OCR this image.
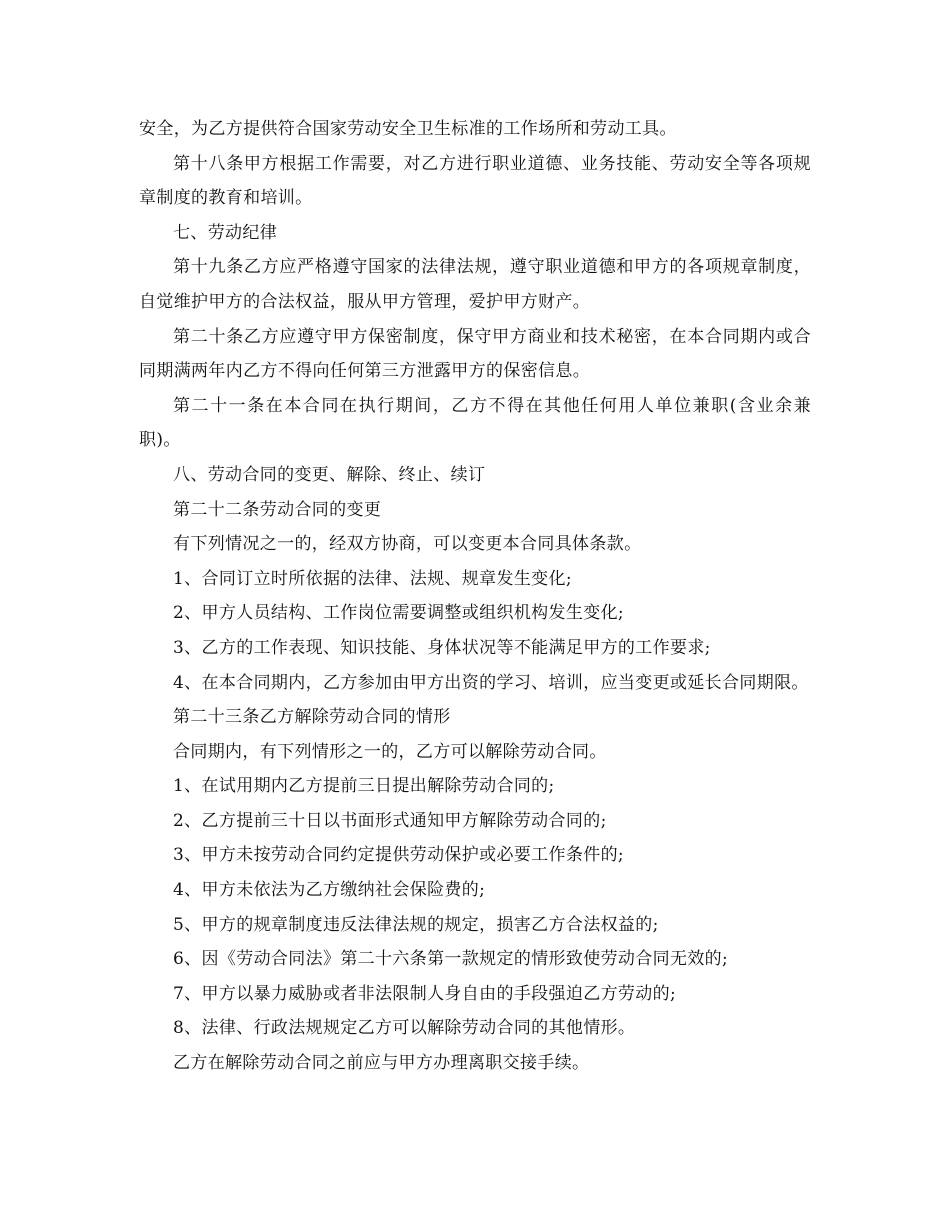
安全，为乙方提供符合国家劳动安全卫生标准的工作场所和劳动工具。

第十八条甲方根据工作需要，对乙方进行职业道德、业务技能、劳动安全等各项规章制度的教育和培训。

七、劳动纪律

第十九条乙方应严格遵守国家的法律法规，遵守职业道德和甲方的各项规章制度，自觉维护甲方的合法权益，服从甲方管理，爱护甲方财产。

第二十条乙方应遵守甲方保密制度，保守甲方商业和技术秘密，在本合同期内或合同期满两年内乙方不得向任何第三方泄露甲方的保密信息。

第二十一条在本合同在执行期间，乙方不得在其他任何用人单位兼职(含业余兼职)。

八、劳动合同的变更、解除、终止、续订

第二十二条劳动合同的变更

有下列情况之一的，经双方协商，可以变更本合同具体条款。

1、合同订立时所依据的法律、法规、规章发生变化;

2、甲方人员结构、工作岗位需要调整或组织机构发生变化;

3、乙方的工作表现、知识技能、身体状况等不能满足甲方的工作要求;

4、在本合同期内，乙方参加由甲方出资的学习、培训，应当变更或延长合同期限。

第二十三条乙方解除劳动合同的情形

合同期内，有下列情形之一的，乙方可以解除劳动合同。

1、在试用期内乙方提前三日提出解除劳动合同的;

2、乙方提前三十日以书面形式通知甲方解除劳动合同的;

3、甲方未按劳动合同约定提供劳动保护或必要工作条件的;

4、甲方未依法为乙方缴纳社会保险费的;

5、甲方的规章制度违反法律法规的规定，损害乙方合法权益的;

6、因《劳动合同法》第二十六条第一款规定的情形致使劳动合同无效的;

7、甲方以暴力威胁或者非法限制人身自由的手段强迫乙方劳动的;

8、法律、行政法规规定乙方可以解除劳动合同的其他情形。

乙方在解除劳动合同之前应与甲方办理离职交接手续。
